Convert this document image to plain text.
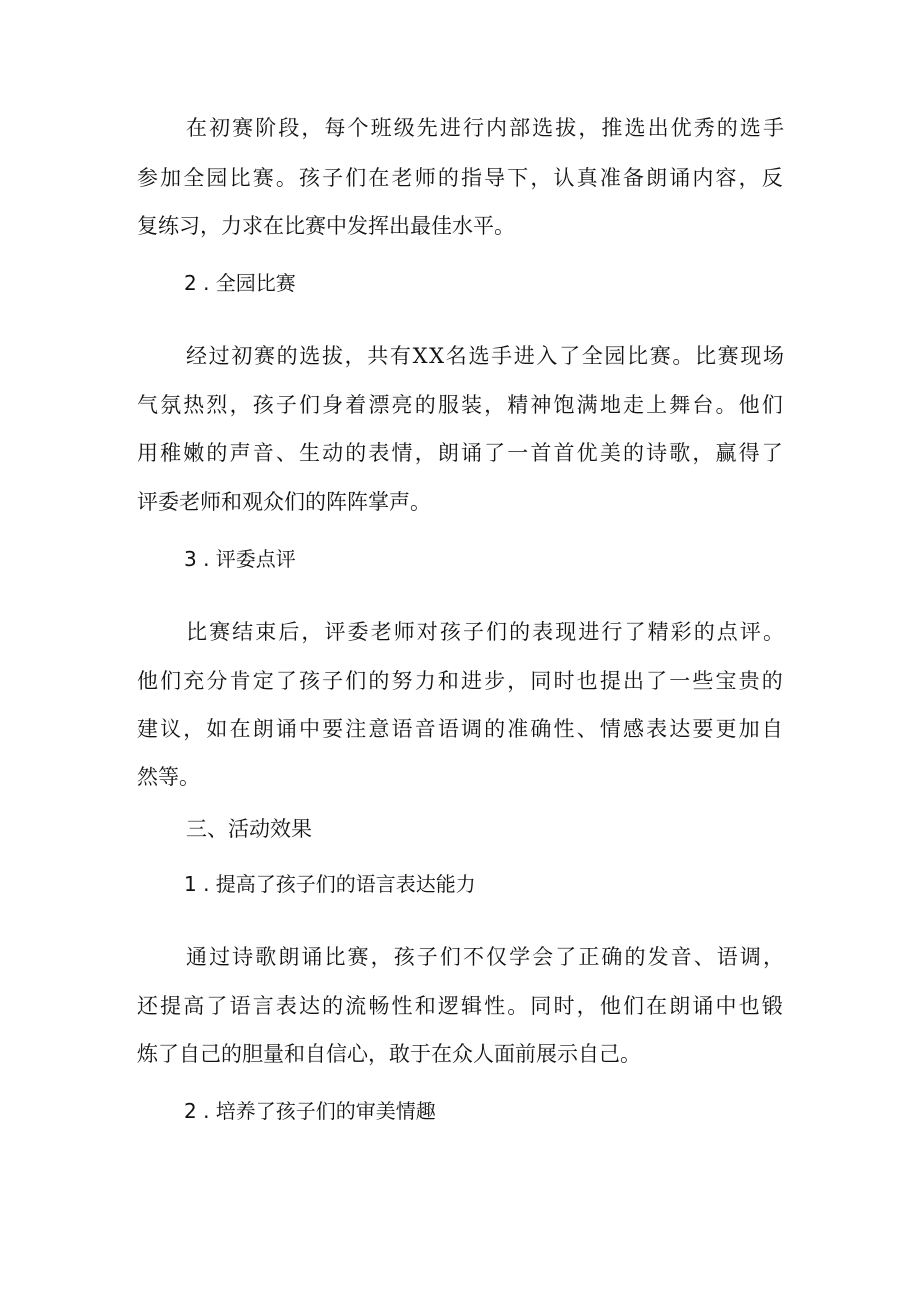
在 初 赛 阶 段 ， 每 个 班 级 先 进 行 内 部 选 拔 ， 推 选 出 优 秀 的 选 手
参 加 全 园 比 赛 。 孩 子 们 在 老 师 的 指 导 下 ， 认 真 准 备 朗 诵 内 容 ， 反
复练习，力求在比赛中发挥出最佳水平。
2 . 全园比赛
经 过 初 赛 的 选 拔 ， 共 有 X X 名 选 手 进 入 了 全 园 比 赛 。 比 赛 现 场
气 氛 热 烈 ， 孩 子 们 身 着 漂 亮 的 服 装 ， 精 神 饱 满 地 走 上 舞 台 。 他 们
用 稚 嫩 的 声 音 、 生 动 的 表 情 ， 朗 诵 了 一 首 首 优 美 的 诗 歌 ， 赢 得 了
评委老师和观众们的阵阵掌声。
3 . 评委点评
比 赛 结 束 后 ， 评 委 老 师 对 孩 子 们 的 表 现 进 行 了 精 彩 的 点 评 。
他 们 充 分 肯 定 了 孩 子 们 的 努 力 和 进 步 ， 同 时 也 提 出 了 一 些 宝 贵 的
建 议 ， 如 在 朗 诵 中 要 注 意 语 音 语 调 的 准 确 性 、 情 感 表 达 要 更 加 自
然等。
三、活动效果
1 . 提高了孩子们的语言表达能力
通 过 诗 歌 朗 诵 比 赛 ， 孩 子 们 不 仅 学 会 了 正 确 的 发 音 、 语 调 ，
还 提 高 了 语 言 表 达 的 流 畅 性 和 逻 辑 性 。 同 时 ， 他 们 在 朗 诵 中 也 锻
炼了自己的胆量和自信心，敢于在众人面前展示自己。
2 . 培养了孩子们的审美情趣
